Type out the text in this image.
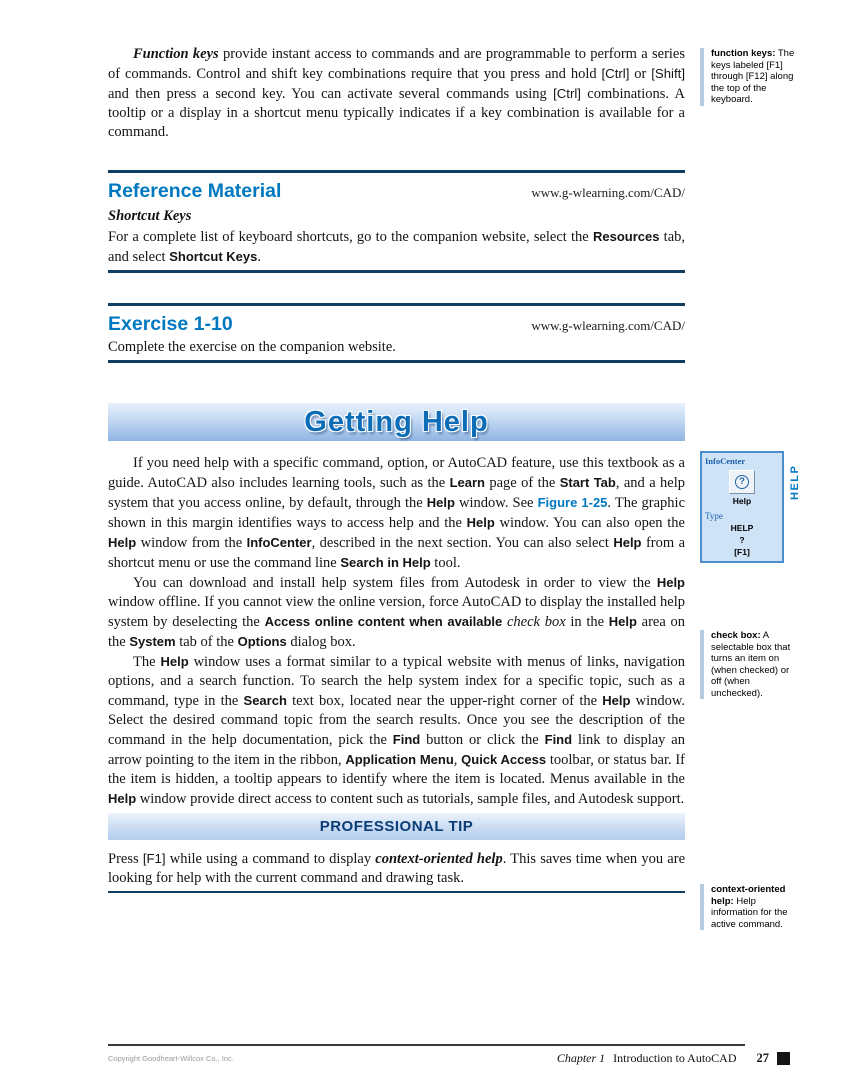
Function keys provide instant access to commands and are programmable to perform a series of commands. Control and shift key combinations require that you press and hold [Ctrl] or [Shift] and then press a second key. You can activate several commands using [Ctrl] combinations. A tooltip or a display in a shortcut menu typically indicates if a key combination is available for a command.

Reference Material	www.g-wlearning.com/CAD/
Shortcut Keys

For a complete list of keyboard shortcuts, go to the companion website, select the Resources tab, and select Shortcut Keys.

Exercise 1-10	www.g-wlearning.com/CAD/

Complete the exercise on the companion website.

Getting Help

If you need help with a specific command, option, or AutoCAD feature, use this textbook as a guide. AutoCAD also includes learning tools, such as the Learn page of the Start Tab, and a help system that you access online, by default, through the Help window. See Figure 1-25. The graphic shown in this margin identifies ways to access help and the Help window. You can also open the Help window from the InfoCenter, described in the next section. You can also select Help from a shortcut menu or use the command line Search in Help tool.

You can download and install help system files from Autodesk in order to view the Help window offline. If you cannot view the online version, force AutoCAD to display the installed help system by deselecting the Access online content when available check box in the Help area on the System tab of the Options dialog box.

The Help window uses a format similar to a typical website with menus of links, navigation options, and a search function. To search the help system index for a specific topic, such as a command, type in the Search text box, located near the upper-right corner of the Help window. Select the desired command topic from the search results. Once you see the description of the command in the help documentation, pick the Find button or click the Find link to display an arrow pointing to the item in the ribbon, Application Menu, Quick Access toolbar, or status bar. If the item is hidden, a tooltip appears to identify where the item is located. Menus available in the Help window provide direct access to content such as tutorials, sample files, and Autodesk support.

PROFESSIONAL TIP

Press [F1] while using a command to display context-oriented help. This saves time when you are looking for help with the current command and drawing task.

function keys: The keys labeled [F1] through [F12] along the top of the keyboard.
check box: A selectable box that turns an item on (when checked) or off (when unchecked).
context-oriented help: Help information for the active command.
InfoCenter
?
Help
Type
HELP
?
[F1]
HELP
Copyright Goodheart-Willcox Co., Inc.	Chapter 1 Introduction to AutoCAD 27
